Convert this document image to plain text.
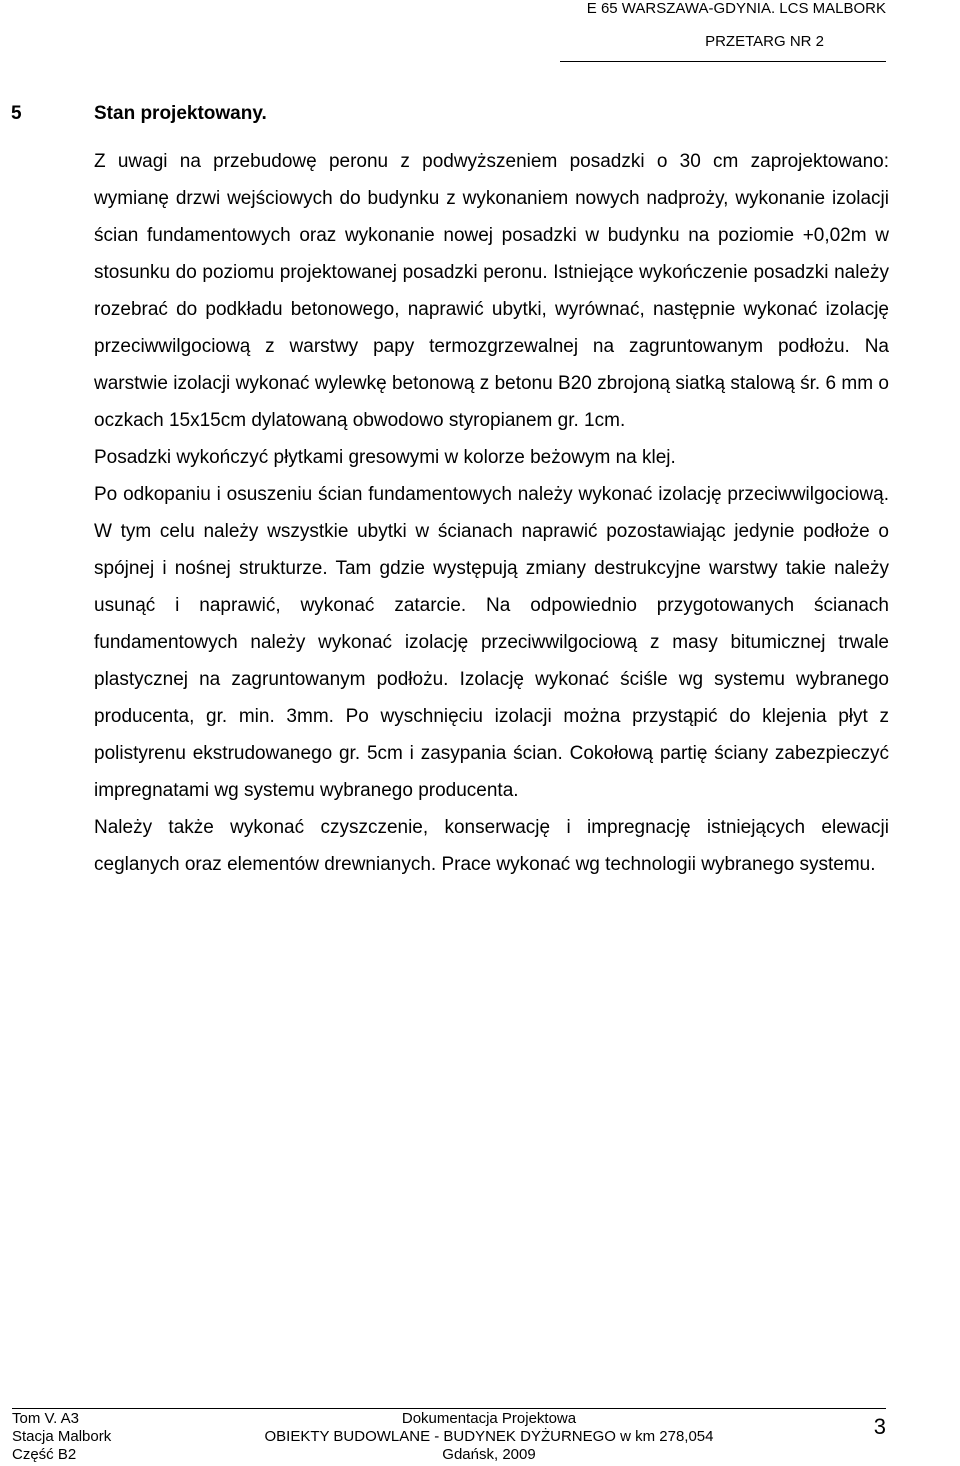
E 65 WARSZAWA-GDYNIA. LCS MALBORK
PRZETARG NR 2
5	Stan projektowany.

Z uwagi na przebudowę peronu z podwyższeniem posadzki o 30 cm zaprojektowano: wymianę drzwi wejściowych do budynku z wykonaniem nowych nadproży, wykonanie izolacji ścian fundamentowych oraz wykonanie nowej posadzki w budynku na poziomie +0,02m w stosunku do poziomu projektowanej posadzki peronu. Istniejące wykończenie posadzki należy rozebrać do podkładu betonowego, naprawić ubytki, wyrównać, następnie wykonać izolację przeciwwilgociową z warstwy papy termozgrzewalnej na zagruntowanym podłożu. Na warstwie izolacji wykonać wylewkę betonową z betonu B20 zbrojoną siatką stalową śr. 6 mm o oczkach 15x15cm dylatowaną obwodowo styropianem gr. 1cm.

Posadzki wykończyć płytkami gresowymi w kolorze beżowym na klej.

Po odkopaniu i osuszeniu ścian fundamentowych należy wykonać izolację przeciwwilgociową. W tym celu należy wszystkie ubytki w ścianach naprawić pozostawiając jedynie podłoże o spójnej i nośnej strukturze. Tam gdzie występują zmiany destrukcyjne warstwy takie należy usunąć i naprawić, wykonać zatarcie. Na odpowiednio przygotowanych ścianach fundamentowych należy wykonać izolację przeciwwilgociową z masy bitumicznej trwale plastycznej na zagruntowanym podłożu. Izolację wykonać ściśle wg systemu wybranego producenta, gr. min. 3mm. Po wyschnięciu izolacji można przystąpić do klejenia płyt z polistyrenu ekstrudowanego gr. 5cm i zasypania ścian. Cokołową partię ściany zabezpieczyć impregnatami wg systemu wybranego producenta.

Należy także wykonać czyszczenie, konserwację i impregnację istniejących elewacji ceglanych oraz elementów drewnianych. Prace wykonać wg technologii wybranego systemu.

Tom V. A3
Stacja Malbork
Część B2
Dokumentacja Projektowa
OBIEKTY BUDOWLANE - BUDYNEK DYŻURNEGO w km 278,054
Gdańsk, 2009
3
